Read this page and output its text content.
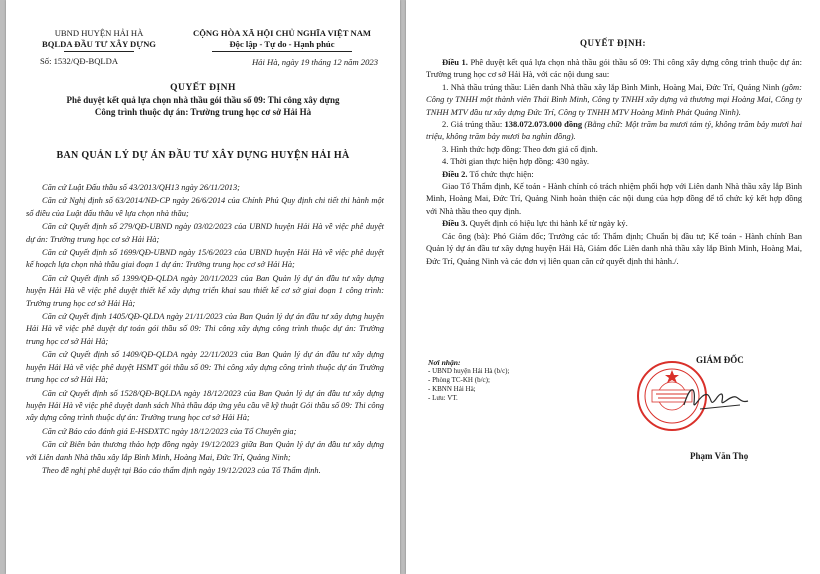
UBND HUYỆN HẢI HÀ
BQLDA ĐẦU TƯ XÂY DỰNG
Số: 1532/QĐ-BQLDA
CỘNG HÒA XÃ HỘI CHỦ NGHĨA VIỆT NAM
Độc lập - Tự do - Hạnh phúc
Hải Hà, ngày 19 tháng 12 năm 2023
QUYẾT ĐỊNH
Phê duyệt kết quả lựa chọn nhà thầu gói thầu số 09: Thi công xây dựng
Công trình thuộc dự án: Trường trung học cơ sở Hải Hà
BAN QUẢN LÝ DỰ ÁN ĐẦU TƯ XÂY DỰNG HUYỆN HẢI HÀ

Căn cứ Luật Đấu thầu số 43/2013/QH13 ngày 26/11/2013;

Căn cứ Nghị định số 63/2014/NĐ-CP ngày 26/6/2014 của Chính Phủ Quy định chi tiết thi hành một số điều của Luật đấu thầu về lựa chọn nhà thầu;

Căn cứ Quyết định số 279/QĐ-UBND ngày 03/02/2023 của UBND huyện Hải Hà về việc phê duyệt dự án: Trường trung học cơ sở Hải Hà;

Căn cứ Quyết định số 1699/QĐ-UBND ngày 15/6/2023 của UBND huyện Hải Hà về việc phê duyệt kế hoạch lựa chọn nhà thầu giai đoạn 1 dự án: Trường trung học cơ sở Hải Hà;

Căn cứ Quyết định số 1399/QĐ-QLDA ngày 20/11/2023 của Ban Quản lý dự án đầu tư xây dựng huyện Hải Hà về việc phê duyệt thiết kế xây dựng triển khai sau thiết kế cơ sở giai đoạn 1 công trình: Trường trung học cơ sở Hải Hà;

Căn cứ Quyết định 1405/QĐ-QLDA ngày 21/11/2023 của Ban Quản lý dự án đầu tư xây dựng huyện Hải Hà về việc phê duyệt dự toán gói thầu số 09: Thi công xây dựng công trình thuộc dự án: Trường trung học cơ sở Hải Hà;

Căn cứ Quyết định số 1409/QĐ-QLDA ngày 22/11/2023 của Ban Quản lý dự án đầu tư xây dựng huyện Hải Hà về việc phê duyệt HSMT gói thầu số 09: Thi công xây dựng công trình thuộc dự án Trường trung học cơ sở Hải Hà;

Căn cứ Quyết định số 1528/QĐ-BQLDA ngày 18/12/2023 của Ban Quản lý dự án đầu tư xây dựng huyện Hải Hà về việc phê duyệt danh sách Nhà thầu đáp ứng yêu cầu về kỹ thuật Gói thầu số 09: Thi công xây dựng công trình thuộc dự án: Trường trung học cơ sở Hải Hà;

Căn cứ Báo cáo đánh giá E-HSĐXTC ngày 18/12/2023 của Tổ Chuyên gia;

Căn cứ Biên bản thương thảo hợp đồng ngày 19/12/2023 giữa Ban Quản lý dự án đầu tư xây dựng với Liên danh Nhà thầu xây lắp Bình Minh, Hoàng Mai, Đức Trí, Quảng Ninh;

Theo đề nghị phê duyệt tại Báo cáo thẩm định ngày 19/12/2023 của Tổ Thẩm định.

QUYẾT ĐỊNH:

Điều 1. Phê duyệt kết quả lựa chọn nhà thầu gói thầu số 09: Thi công xây dựng công trình thuộc dự án: Trường trung học cơ sở Hải Hà, với các nội dung sau:

1. Nhà thầu trúng thầu: Liên danh Nhà thầu xây lắp Bình Minh, Hoàng Mai, Đức Trí, Quảng Ninh (gồm: Công ty TNHH một thành viên Thái Bình Minh, Công ty TNHH xây dựng và thương mại Hoàng Mai, Công ty TNHH MTV đầu tư xây dựng Đức Trí, Công ty TNHH MTV Hoàng Minh Phát Quảng Ninh).

2. Giá trúng thầu: 138.072.073.000 đồng (Bằng chữ: Một trăm ba mươi tám tỷ, không trăm bảy mươi hai triệu, không trăm bảy mươi ba nghìn đồng).

3. Hình thức hợp đồng: Theo đơn giá cố định.

4. Thời gian thực hiện hợp đồng: 430 ngày.

Điều 2. Tổ chức thực hiện:

Giao Tổ Thẩm định, Kế toán - Hành chính có trách nhiệm phối hợp với Liên danh Nhà thầu xây lắp Bình Minh, Hoàng Mai, Đức Trí, Quảng Ninh hoàn thiện các nội dung của hợp đồng để tổ chức ký kết hợp đồng với Nhà thầu theo quy định.

Điều 3. Quyết định có hiệu lực thi hành kể từ ngày ký.

Các ông (bà): Phó Giám đốc; Trưởng các tổ: Thẩm định; Chuẩn bị đầu tư; Kế toán - Hành chính Ban Quản lý dự án đầu tư xây dựng huyện Hải Hà, Giám đốc Liên danh nhà thầu xây lắp Bình Minh, Hoàng Mai, Đức Trí, Quảng Ninh và các đơn vị liên quan căn cứ quyết định thi hành./.

Nơi nhận:
- UBND huyện Hải Hà (b/c);
- Phòng TC-KH (b/c);
- KBNN Hải Hà;
- Lưu: VT.
GIÁM ĐỐC
Phạm Văn Thọ
